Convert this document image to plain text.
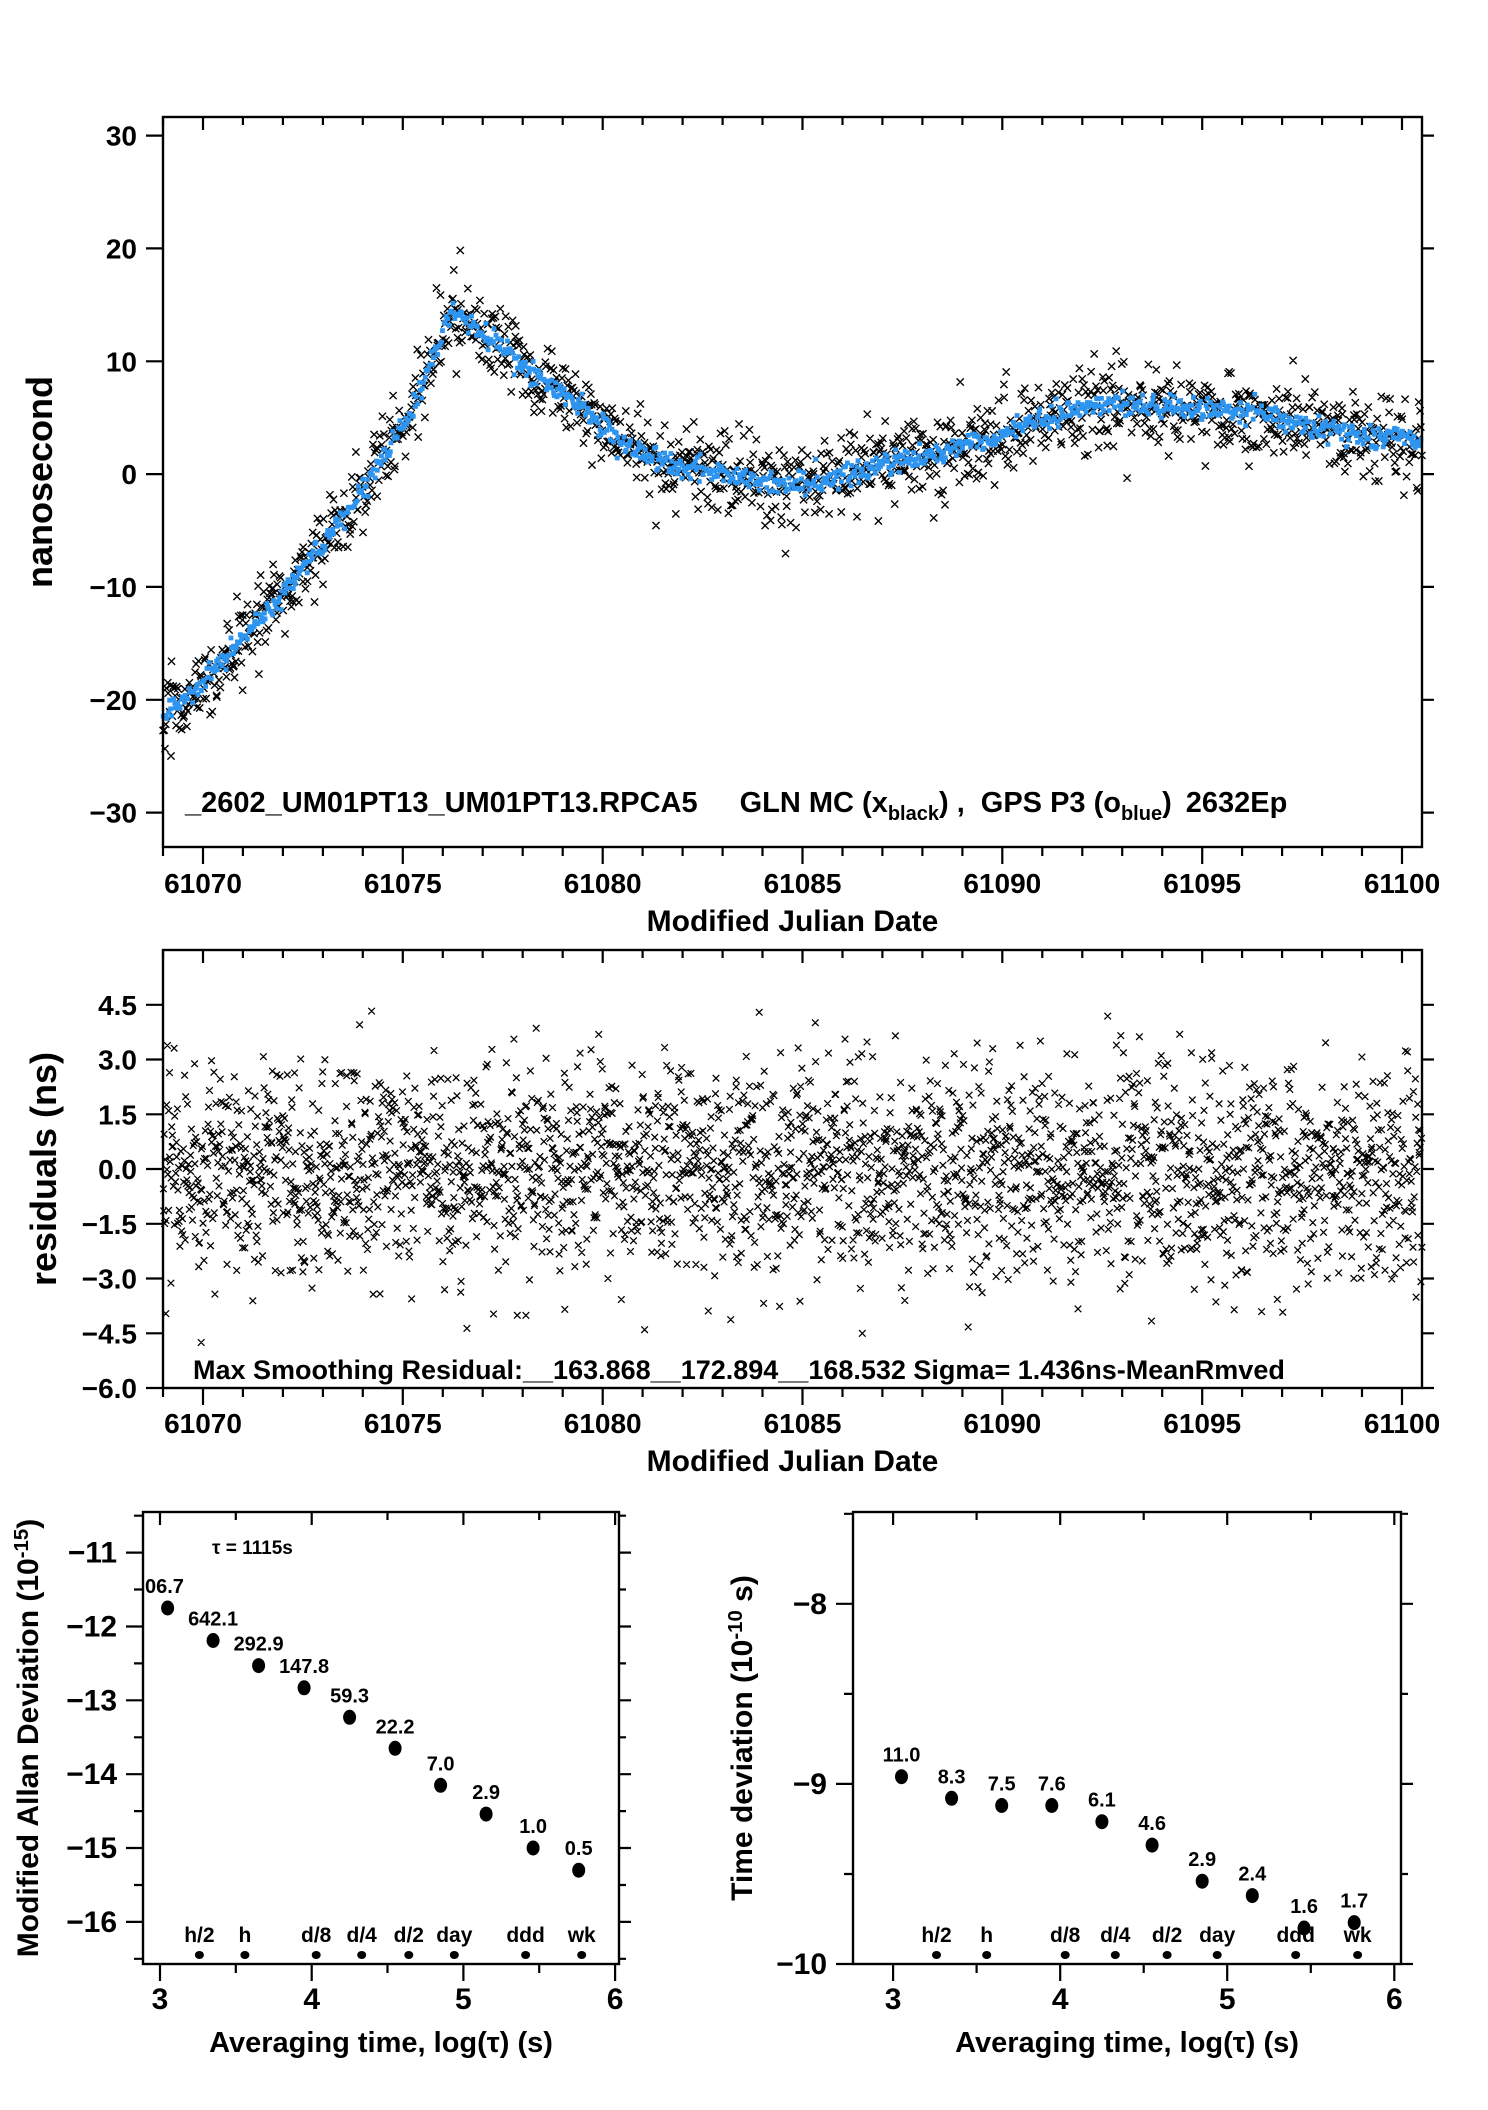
61070	61075	61080	61085	61090	61095	61100
30
20
10
0
−10
−20
−30
Modified Julian Date
nanosecond
_2602_UM01PT13_UM01PT13.RPCA5 GLN MC $(x_{black})$ , GPS P3 $(o_{blue})$ 2632Ep
61070	61075	61080	61085	61090	61095	61100
4.5
3.0
1.5
0.0
−1.5
−3.0
−4.5
−6.0
Modified Julian Date
residuals (ns)
Max Smoothing Residual:__163.868__172.894__168.532 Sigma= 1.436ns-MeanRmved
3	4	5	6
−11
−12
−13
−14
−15
−16
Averaging time, log(τ) (s)
Modified Allan Deviation $(10^{-15})$
06.7
642.1
292.9
147.8
59.3
22.2
7.0
2.9
1.0
0.5
h/2 h d/8 d/4 d/2 day ddd wk
τ = 1115s
3	4	5	6
−8
−9
−10
Averaging time, log(τ) (s)
Time deviation ($10^{-10}$ s)
11.0
8.3 7.5 7.6
6.1
4.6
2.9
2.4
1.6 1.7
h/2 h	d/8 d/4 d/2 day ddd wk
